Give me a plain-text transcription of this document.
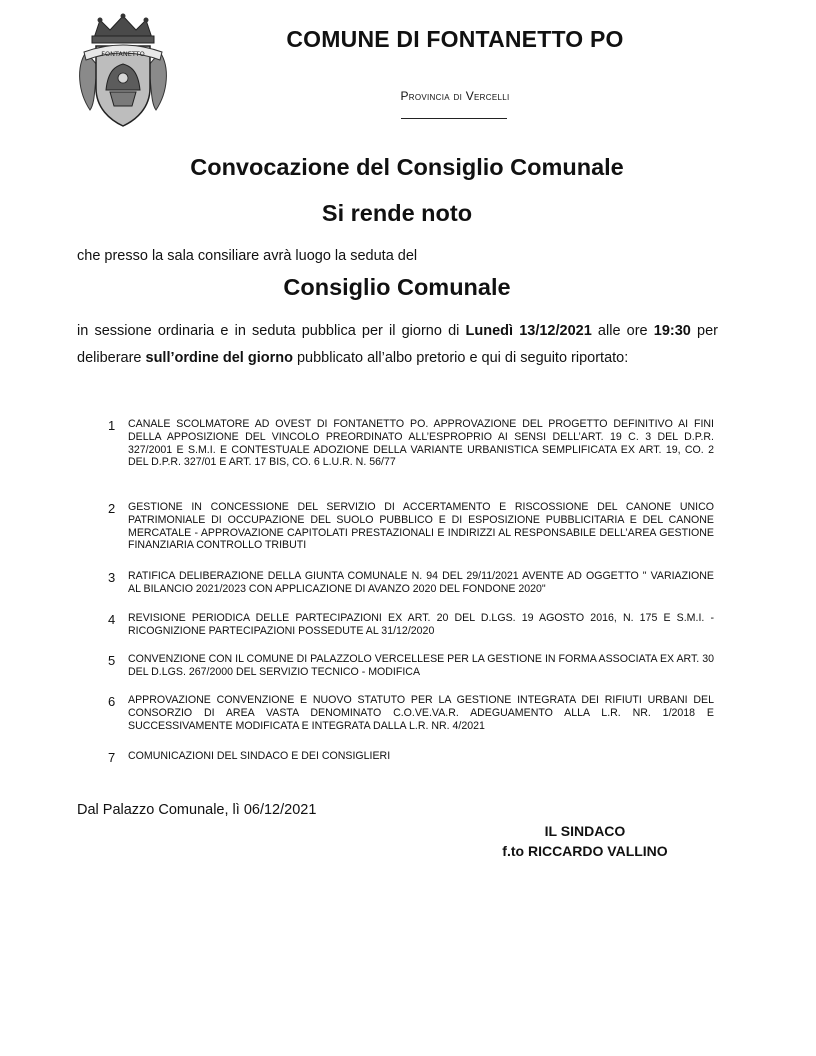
FONTANETTO
COMUNE DI FONTANETTO PO
Provincia di Vercelli
Convocazione del Consiglio Comunale
Si rende noto
che presso la sala consiliare avrà luogo la seduta del
Consiglio Comunale
in sessione ordinaria e in seduta pubblica per il giorno di Lunedì 13/12/2021 alle ore 19:30 per deliberare sull’ordine del giorno pubblicato all’albo pretorio e qui di seguito riportato:
1 CANALE SCOLMATORE AD OVEST DI FONTANETTO PO. APPROVAZIONE DEL PROGETTO DEFINITIVO AI FINI DELLA APPOSIZIONE DEL VINCOLO PREORDINATO ALL’ESPROPRIO AI SENSI DELL’ART. 19 C. 3 DEL D.P.R. 327/2001 E S.M.I. E CONTESTUALE ADOZIONE DELLA VARIANTE URBANISTICA SEMPLIFICATA EX ART. 19, CO. 2 DEL D.P.R. 327/01 E ART. 17 BIS, CO. 6 L.U.R. N. 56/77
2 GESTIONE IN CONCESSIONE DEL SERVIZIO DI ACCERTAMENTO E RISCOSSIONE DEL CANONE UNICO PATRIMONIALE DI OCCUPAZIONE DEL SUOLO PUBBLICO E DI ESPOSIZIONE PUBBLICITARIA E DEL CANONE MERCATALE - APPROVAZIONE CAPITOLATI PRESTAZIONALI E INDIRIZZI AL RESPONSABILE DELL’AREA GESTIONE FINANZIARIA CONTROLLO TRIBUTI
3 RATIFICA DELIBERAZIONE DELLA GIUNTA COMUNALE N. 94 DEL 29/11/2021 AVENTE AD OGGETTO " VARIAZIONE AL BILANCIO 2021/2023 CON APPLICAZIONE DI AVANZO 2020 DEL FONDONE 2020"
4 REVISIONE PERIODICA DELLE PARTECIPAZIONI EX ART. 20 DEL D.LGS. 19 AGOSTO 2016, N. 175 E S.M.I. - RICOGNIZIONE PARTECIPAZIONI POSSEDUTE AL 31/12/2020
5 CONVENZIONE CON IL COMUNE DI PALAZZOLO VERCELLESE PER LA GESTIONE IN FORMA ASSOCIATA EX ART. 30 DEL D.LGS. 267/2000 DEL SERVIZIO TECNICO - MODIFICA
6 APPROVAZIONE CONVENZIONE E NUOVO STATUTO PER LA GESTIONE INTEGRATA DEI RIFIUTI URBANI DEL CONSORZIO DI AREA VASTA DENOMINATO C.O.VE.VA.R. ADEGUAMENTO ALLA L.R. NR. 1/2018 E SUCCESSIVAMENTE MODIFICATA E INTEGRATA DALLA L.R. NR. 4/2021
7 COMUNICAZIONI DEL SINDACO E DEI CONSIGLIERI
Dal Palazzo Comunale, lì 06/12/2021
IL SINDACO
f.to RICCARDO VALLINO
